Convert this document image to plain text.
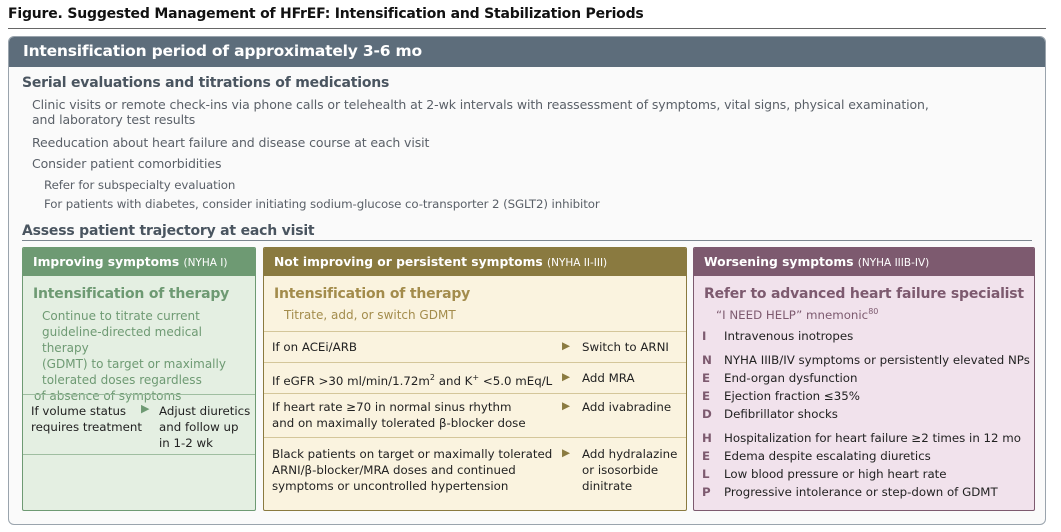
Figure. Suggested Management of HFrEF: Intensification and Stabilization Periods
Intensification period of approximately 3-6 mo
Serial evaluations and titrations of medications
Clinic visits or remote check-ins via phone calls or telehealth at 2-wk intervals with reassessment of symptoms, vital signs, physical examination,
and laboratory test results
Reeducation about heart failure and disease course at each visit
Consider patient comorbidities
Refer for subspecialty evaluation
For patients with diabetes, consider initiating sodium-glucose co-transporter 2 (SGLT2) inhibitor
Assess patient trajectory at each visit
Improving symptoms (NYHA I)
Intensification of therapy
Continue to titrate current
guideline-directed medical therapy
(GDMT) to target or maximally
tolerated doses regardless
of absence of symptoms
If volume status
requires treatment
▶ Adjust diuretics
and follow up
in 1-2 wk
Not improving or persistent symptoms (NYHA II-III)
Intensification of therapy
Titrate, add, or switch GDMT
If on ACEi/ARB	▶ Switch to ARNI
If eGFR >30 $ml/\min/1.72m^2$ and K+ <5.0 mEq/L ▶ Add MRA
If heart rate ≥70 in normal sinus rhythm
and on maximally tolerated β-blocker dose
▶ Add ivabradine
Black patients on target or maximally tolerated
ARNI/β-blocker/MRA doses and continued
symptoms or uncontrolled hypertension
▶ Add hydralazine
or isosorbide
dinitrate
Worsening symptoms (NYHA IIIB-IV)
Refer to advanced heart failure specialist
“I NEED HELP” mnemonic$^{80}$
I Intravenous inotropes
N NYHA IIIB/IV symptoms or persistently elevated NPs
E End-organ dysfunction
E Ejection fraction ≤35%
D Defibrillator shocks
H Hospitalization for heart failure ≥2 times in 12 mo
E Edema despite escalating diuretics
L Low blood pressure or high heart rate
P Progressive intolerance or step-down of GDMT
